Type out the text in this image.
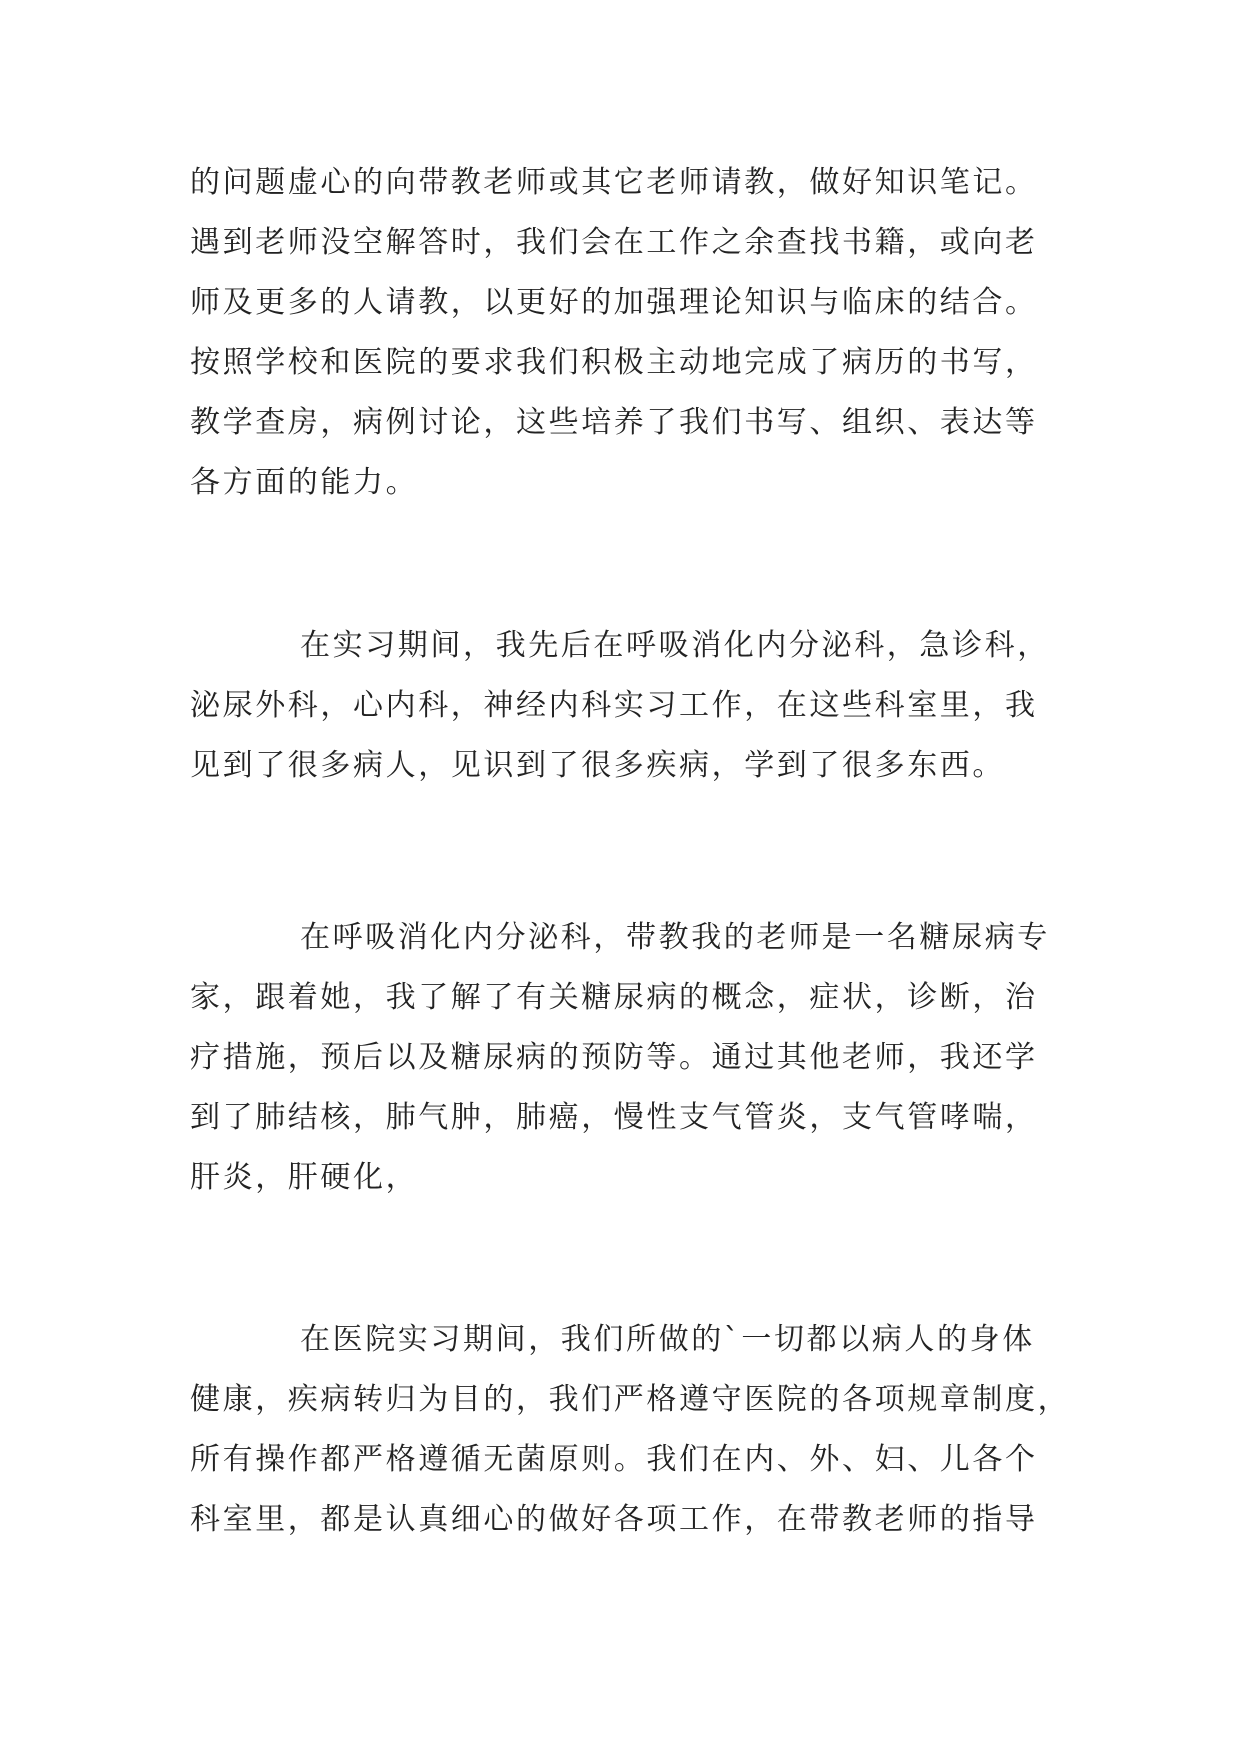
的问题虚心的向带教老师或其它老师请教，做好知识笔记。
遇到老师没空解答时，我们会在工作之余查找书籍，或向老
师及更多的人请教，以更好的加强理论知识与临床的结合。
按照学校和医院的要求我们积极主动地完成了病历的书写，
教学查房，病例讨论，这些培养了我们书写、组织、表达等
各方面的能力。
在实习期间，我先后在呼吸消化内分泌科，急诊科，
泌尿外科，心内科，神经内科实习工作，在这些科室里，我
见到了很多病人，见识到了很多疾病，学到了很多东西。
在呼吸消化内分泌科，带教我的老师是一名糖尿病专
家，跟着她，我了解了有关糖尿病的概念，症状，诊断，治
疗措施，预后以及糖尿病的预防等。通过其他老师，我还学
到了肺结核，肺气肿，肺癌，慢性支气管炎，支气管哮喘，
肝炎，肝硬化，
在医院实习期间，我们所做的`一切都以病人的身体
健康，疾病转归为目的，我们严格遵守医院的各项规章制度，
所有操作都严格遵循无菌原则。我们在内、外、妇、儿各个
科室里，都是认真细心的做好各项工作，在带教老师的指导
